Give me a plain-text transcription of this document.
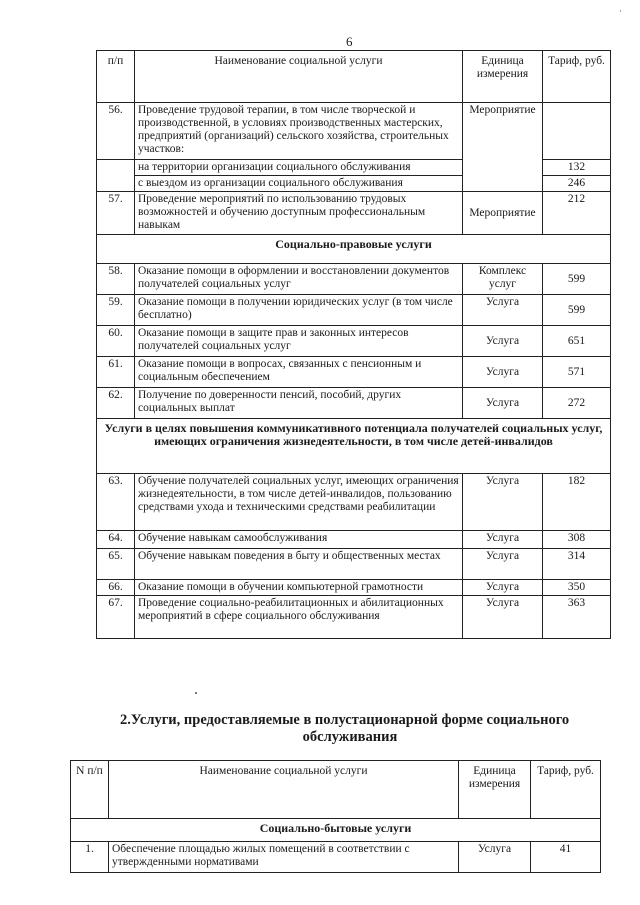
·
6
п/п	Наименование социальной услуги	Единица измерения	Тариф, руб.
56.	Проведение трудовой терапии, в том числе творческой и производственной, в условиях производственных мастерских, предприятий (организаций) сельского хозяйства, строительных участков:	Мероприятие	
	на территории организации социального обслуживания		132
	с выездом из организации социального обслуживания		246
57.	Проведение мероприятий по использованию трудовых возможностей и обучению доступным профессиональным навыкам	Мероприятие	212
Социально-правовые услуги			
58.	Оказание помощи в оформлении и восстановлении документов получателей социальных услуг	Комплекс услуг	599
59.	Оказание помощи в получении юридических услуг (в том числе бесплатно)	Услуга	599
60.	Оказание помощи в защите прав и законных интересов получателей социальных услуг	Услуга	651
61.	Оказание помощи в вопросах, связанных с пенсионным и социальным обеспечением	Услуга	571
62.	Получение по доверенности пенсий, пособий, других социальных выплат	Услуга	272
Услуги в целях повышения коммуникативного потенциала получателей социальных услуг, имеющих ограничения жизнедеятельности, в том числе детей-инвалидов			
63.	Обучение получателей социальных услуг, имеющих ограничения жизнедеятельности, в том числе детей-инвалидов, пользованию средствами ухода и техническими средствами реабилитации	Услуга	182
64.	Обучение навыкам самообслуживания	Услуга	308
65.	Обучение навыкам поведения в быту и общественных местах	Услуга	314
66.	Оказание помощи в обучении компьютерной грамотности	Услуга	350
67.	Проведение социально-реабилитационных и абилитационных мероприятий в сфере социального обслуживания	Услуга	363
2. Услуги, предоставляемые в полустационарной форме социального обслуживания
N п/п	Наименование социальной услуги	Единица измерения	Тариф, руб.
Социально-бытовые услуги			
1.	Обеспечение площадью жилых помещений в соответствии с утвержденными нормативами	Услуга	41
